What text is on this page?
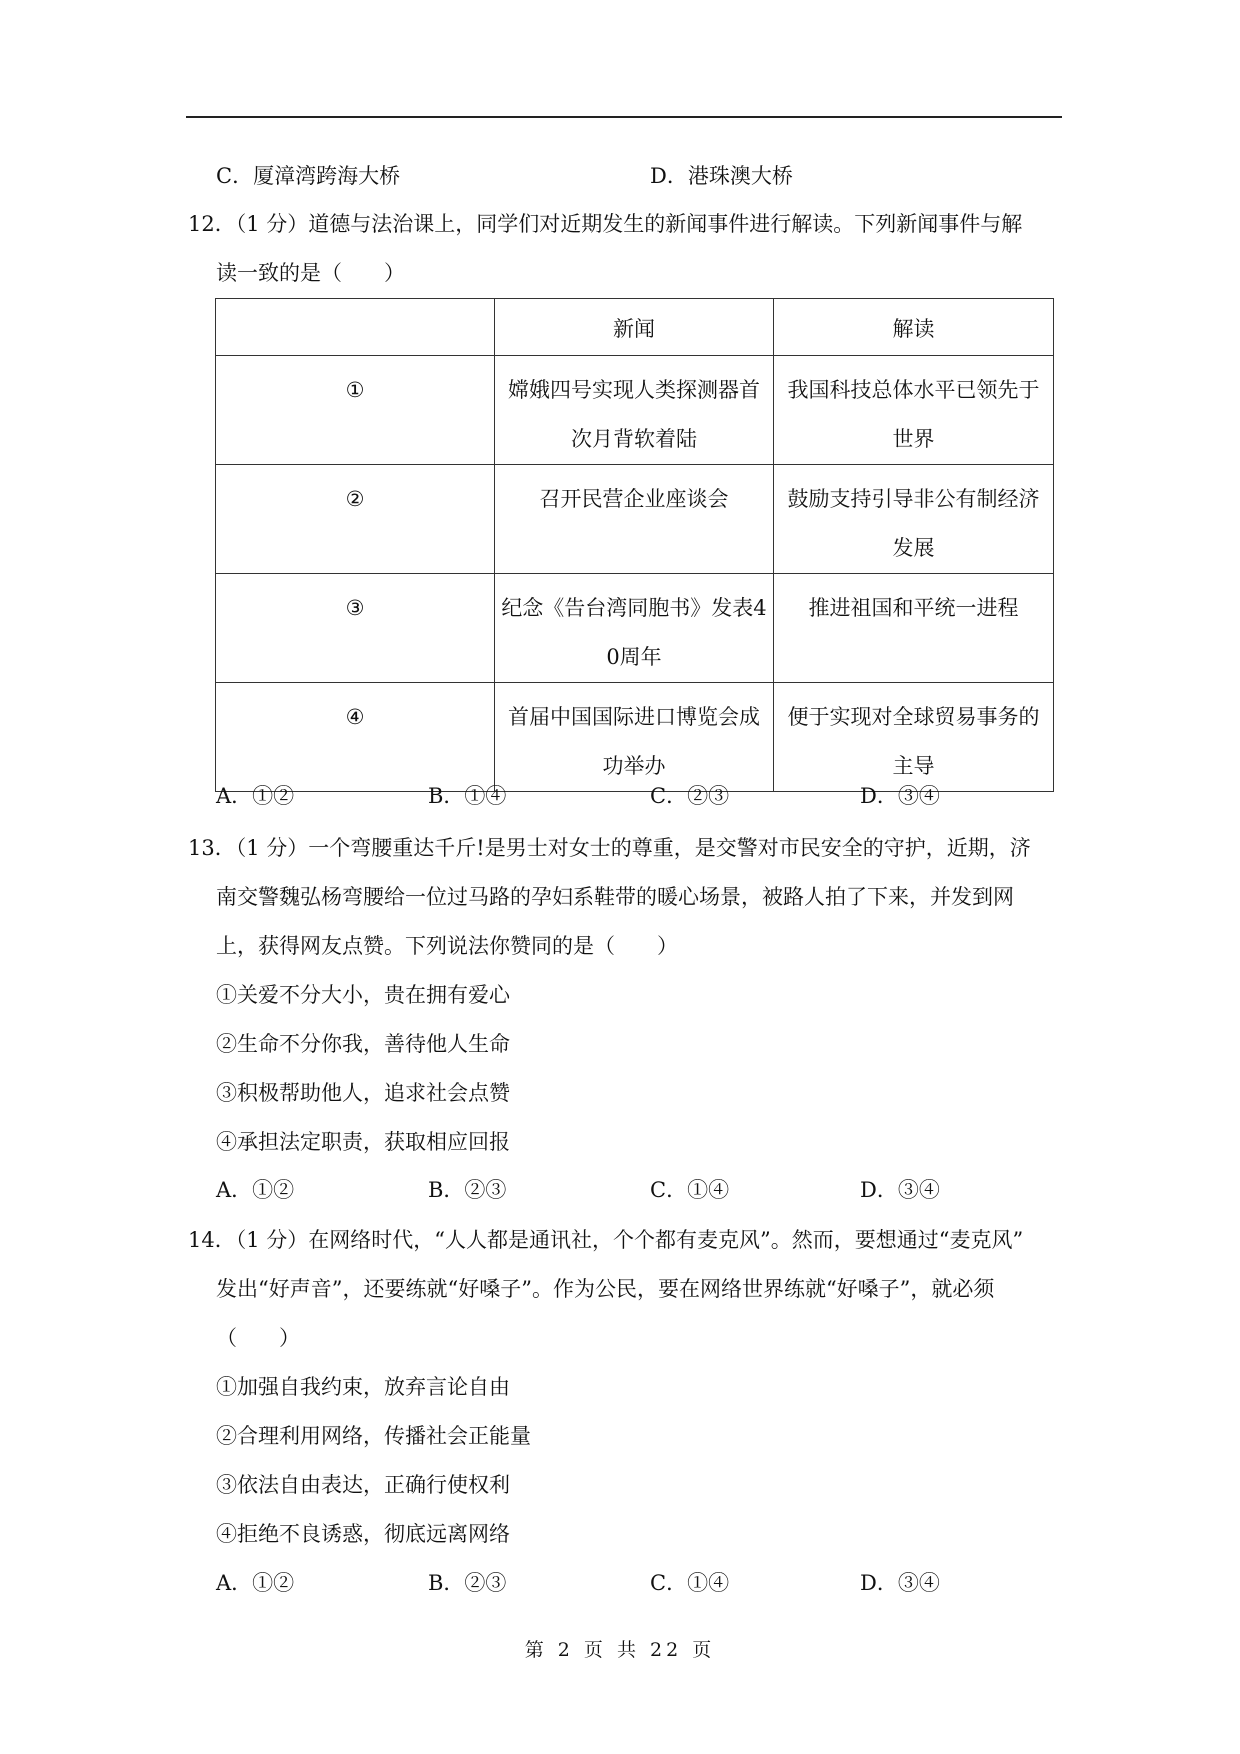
C．厦漳湾跨海大桥	D．港珠澳大桥
12．（1 分）道德与法治课上，同学们对近期发生的新闻事件进行解读。下列新闻事件与解
读一致的是（　　）
	新闻	解读
①	嫦娥四号实现人类探测器首次月背软着陆	我国科技总体水平已领先于世界
②	召开民营企业座谈会	鼓励支持引导非公有制经济发展
③	纪念《告台湾同胞书》发表40周年	推进祖国和平统一进程
④	首届中国国际进口博览会成功举办	便于实现对全球贸易事务的主导
A．①②	B．①④	C．②③	D．③④
13．（1 分）一个弯腰重达千斤!是男士对女士的尊重，是交警对市民安全的守护，近期，济
南交警魏弘杨弯腰给一位过马路的孕妇系鞋带的暖心场景，被路人拍了下来，并发到网
上，获得网友点赞。下列说法你赞同的是（　　）
①关爱不分大小，贵在拥有爱心
②生命不分你我，善待他人生命
③积极帮助他人，追求社会点赞
④承担法定职责，获取相应回报
A．①②	B．②③	C．①④	D．③④
14．（1 分）在网络时代，“人人都是通讯社，个个都有麦克风”。然而，要想通过“麦克风”
发出“好声音”，还要练就“好嗓子”。作为公民，要在网络世界练就“好嗓子”，就必须
（　　）
①加强自我约束，放弃言论自由
②合理利用网络，传播社会正能量
③依法自由表达，正确行使权利
④拒绝不良诱惑，彻底远离网络
A．①②	B．②③	C．①④	D．③④
第 2 页 共 22 页
